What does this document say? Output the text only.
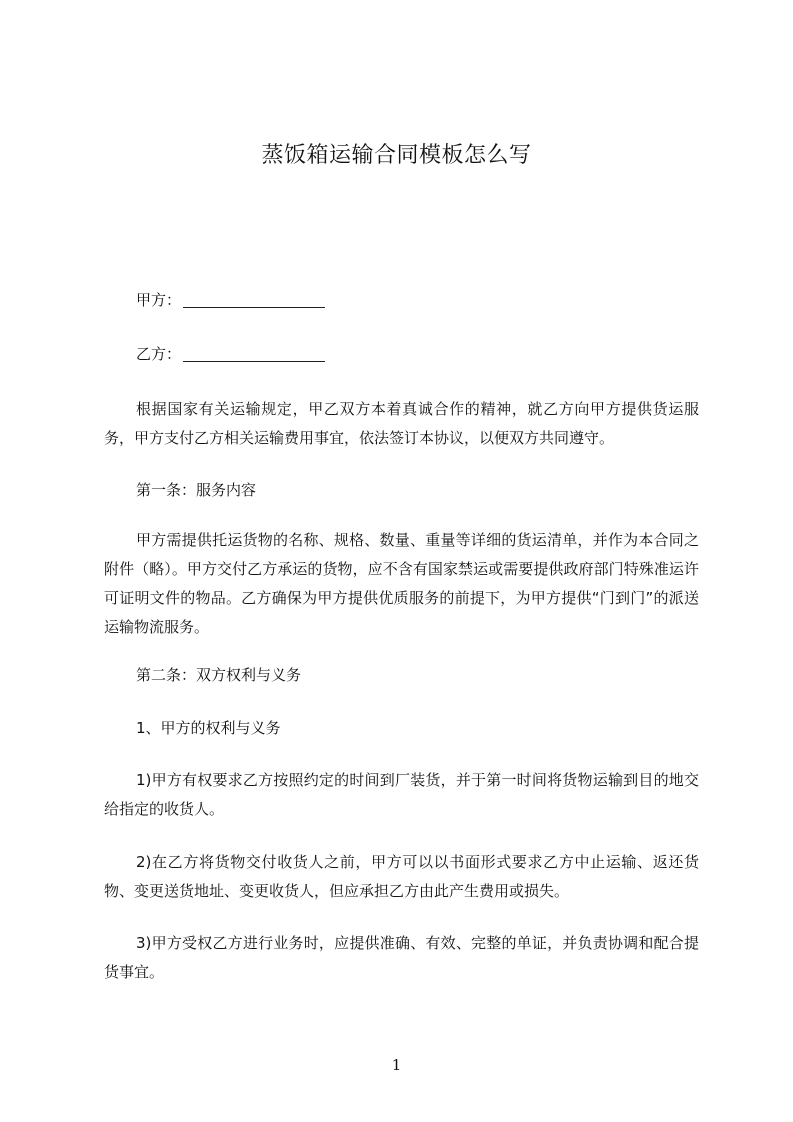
蒸饭箱运输合同模板怎么写
甲方：
乙方：
根据国家有关运输规定，甲乙双方本着真诚合作的精神，就乙方向甲方提供货运服务，甲方支付乙方相关运输费用事宜，依法签订本协议，以便双方共同遵守。
第一条：服务内容
甲方需提供托运货物的名称、规格、数量、重量等详细的货运清单，并作为本合同之附件（略）。甲方交付乙方承运的货物，应不含有国家禁运或需要提供政府部门特殊准运许可证明文件的物品。乙方确保为甲方提供优质服务的前提下，为甲方提供“门到门”的派送运输物流服务。
第二条：双方权利与义务
1、甲方的权利与义务
1)甲方有权要求乙方按照约定的时间到厂装货，并于第一时间将货物运输到目的地交给指定的收货人。
2)在乙方将货物交付收货人之前，甲方可以以书面形式要求乙方中止运输、返还货物、变更送货地址、变更收货人，但应承担乙方由此产生费用或损失。
3)甲方受权乙方进行业务时，应提供准确、有效、完整的单证，并负责协调和配合提货事宜。
1
